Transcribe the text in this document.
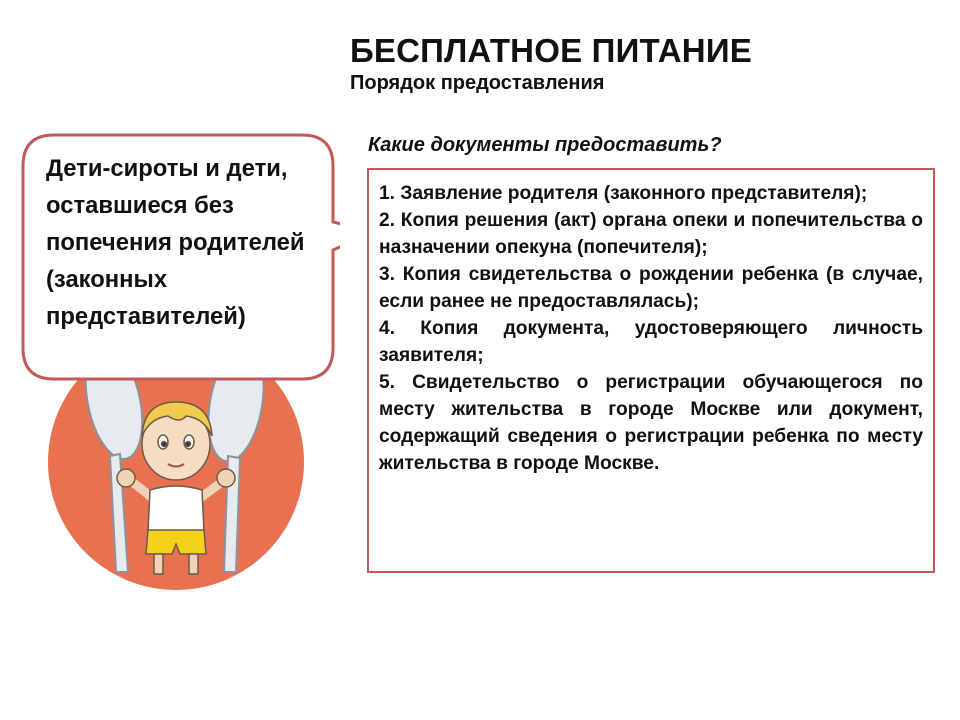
БЕСПЛАТНОЕ ПИТАНИЕ
Порядок предоставления
Какие документы предоставить?

1. Заявление родителя (законного представителя);

2. Копия решения (акт) органа опеки и попечительства о назначении опекуна (попечителя);

3. Копия свидетельства о рождении ребенка (в случае, если ранее не предоставлялась);

4. Копия документа, удостоверяющего личность заявителя;

5. Свидетельство о регистрации обучающегося по месту жительства в городе Москве или документ, содержащий сведения о регистрации ребенка по месту жительства в городе Москве.

Дети-сироты и дети, оставшиеся без попечения родителей (законных представителей)
